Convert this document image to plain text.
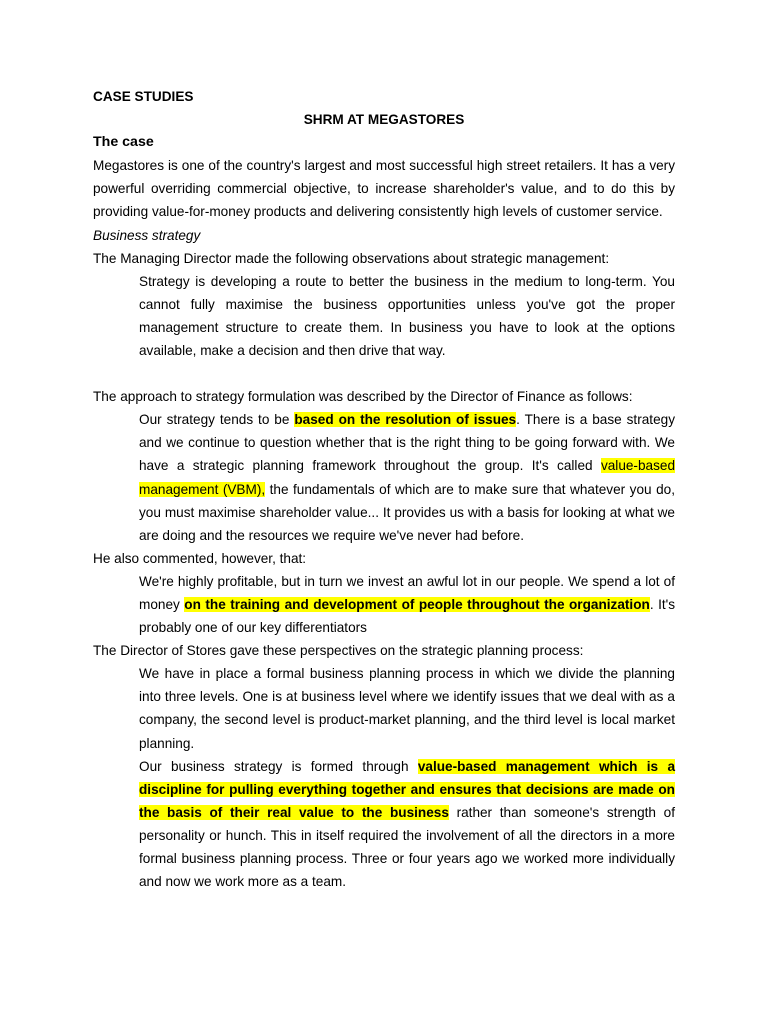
CASE STUDIES

SHRM AT MEGASTORES

The case

Megastores is one of the country's largest and most successful high street retailers. It has a very powerful overriding commercial objective, to increase shareholder's value, and to do this by providing value-for-money products and delivering consistently high levels of customer service.

Business strategy

The Managing Director made the following observations about strategic management:

Strategy is developing a route to better the business in the medium to long-term. You cannot fully maximise the business opportunities unless you've got the proper management structure to create them. In business you have to look at the options available, make a decision and then drive that way.

The approach to strategy formulation was described by the Director of Finance as follows:

Our strategy tends to be based on the resolution of issues. There is a base strategy and we continue to question whether that is the right thing to be going forward with. We have a strategic planning framework throughout the group. It's called value-based management (VBM), the fundamentals of which are to make sure that whatever you do, you must maximise shareholder value... It provides us with a basis for looking at what we are doing and the resources we require we've never had before.

He also commented, however, that:

We're highly profitable, but in turn we invest an awful lot in our people. We spend a lot of money on the training and development of people throughout the organization. It's probably one of our key differentiators

The Director of Stores gave these perspectives on the strategic planning process:

We have in place a formal business planning process in which we divide the planning into three levels. One is at business level where we identify issues that we deal with as a company, the second level is product-market planning, and the third level is local market planning.

Our business strategy is formed through value-based management which is a discipline for pulling everything together and ensures that decisions are made on the basis of their real value to the business rather than someone's strength of personality or hunch. This in itself required the involvement of all the directors in a more formal business planning process. Three or four years ago we worked more individually and now we work more as a team.
